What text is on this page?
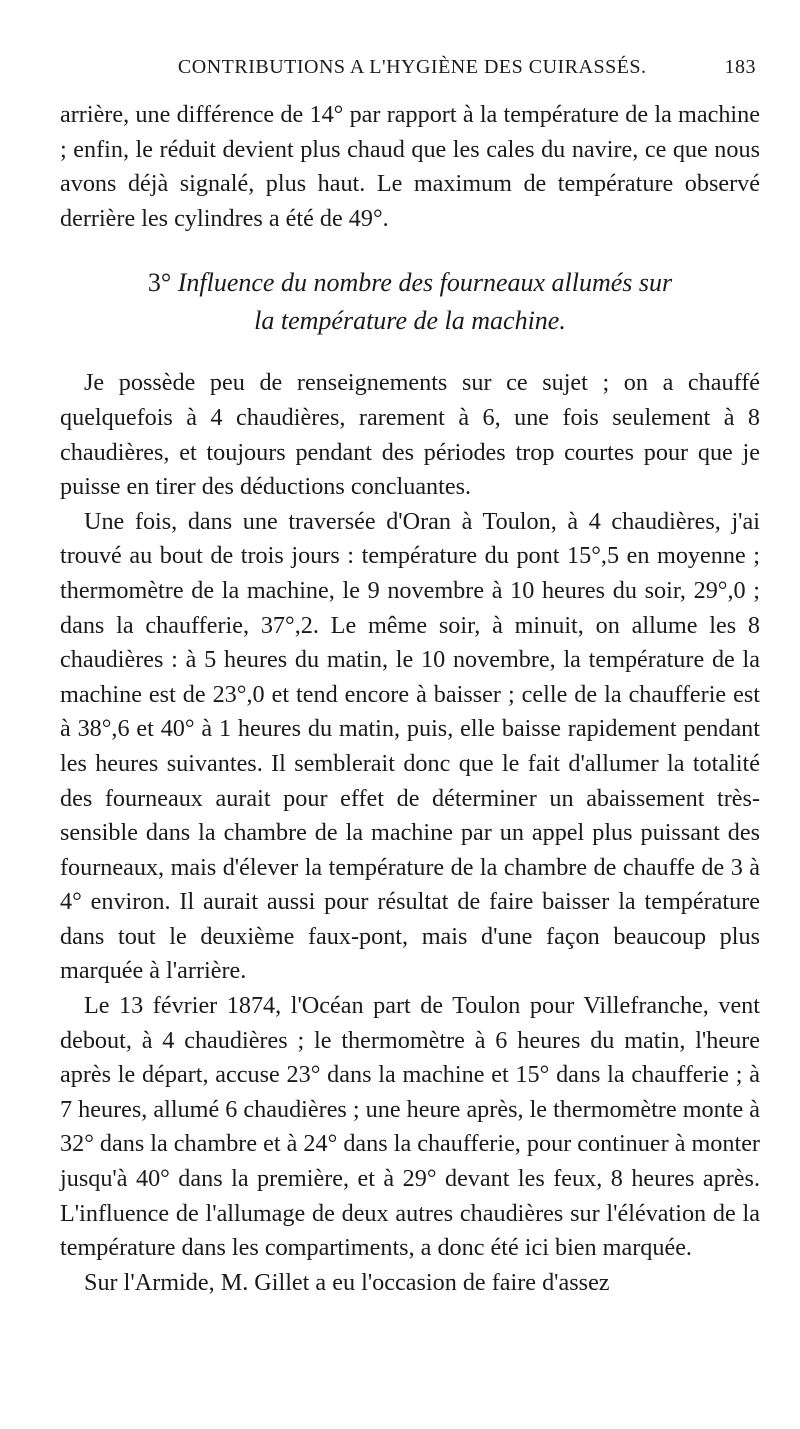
CONTRIBUTIONS A L'HYGIÈNE DES CUIRASSÉS.	183

arrière, une différence de 14° par rapport à la température de la machine ; enfin, le réduit devient plus chaud que les cales du navire, ce que nous avons déjà signalé, plus haut. Le maximum de température observé derrière les cylindres a été de 49°.

3° Influence du nombre des fourneaux allumés sur
la température de la machine.

Je possède peu de renseignements sur ce sujet ; on a chauffé quelquefois à 4 chaudières, rarement à 6, une fois seulement à 8 chaudières, et toujours pendant des périodes trop courtes pour que je puisse en tirer des déductions concluantes.

Une fois, dans une traversée d'Oran à Toulon, à 4 chaudières, j'ai trouvé au bout de trois jours : température du pont 15°,5 en moyenne ; thermomètre de la machine, le 9 novembre à 10 heures du soir, 29°,0 ; dans la chaufferie, 37°,2. Le même soir, à minuit, on allume les 8 chaudières : à 5 heures du matin, le 10 novembre, la température de la machine est de 23°,0 et tend encore à baisser ; celle de la chaufferie est à 38°,6 et 40° à 1 heures du matin, puis, elle baisse rapidement pendant les heures suivantes. Il semblerait donc que le fait d'allumer la totalité des fourneaux aurait pour effet de déterminer un abaissement très-sensible dans la chambre de la machine par un appel plus puissant des fourneaux, mais d'élever la température de la chambre de chauffe de 3 à 4° environ. Il aurait aussi pour résultat de faire baisser la température dans tout le deuxième faux-pont, mais d'une façon beaucoup plus marquée à l'arrière.

Le 13 février 1874, l'Océan part de Toulon pour Villefranche, vent debout, à 4 chaudières ; le thermomètre à 6 heures du matin, l'heure après le départ, accuse 23° dans la machine et 15° dans la chaufferie ; à 7 heures, allumé 6 chaudières ; une heure après, le thermomètre monte à 32° dans la chambre et à 24° dans la chaufferie, pour continuer à monter jusqu'à 40° dans la première, et à 29° devant les feux, 8 heures après. L'influence de l'allumage de deux autres chaudières sur l'élévation de la température dans les compartiments, a donc été ici bien marquée.

Sur l'Armide, M. Gillet a eu l'occasion de faire d'assez
